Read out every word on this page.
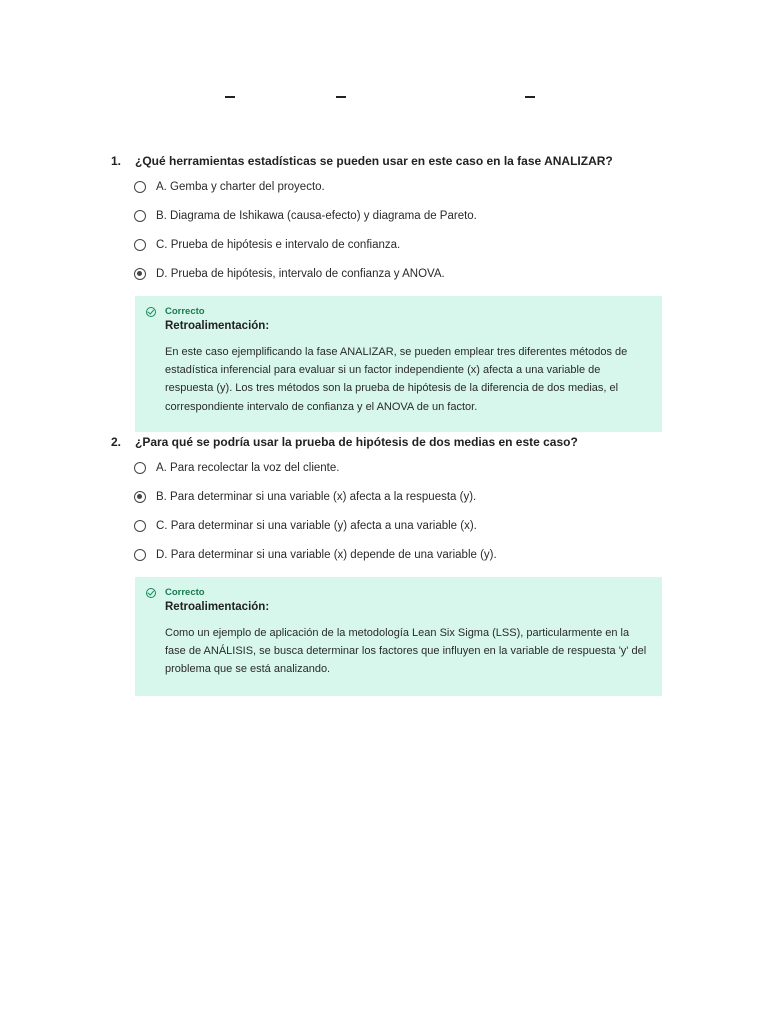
1. ¿Qué herramientas estadísticas se pueden usar en este caso en la fase ANALIZAR?
A. Gemba y charter del proyecto.
B. Diagrama de Ishikawa (causa-efecto) y diagrama de Pareto.
C. Prueba de hipótesis e intervalo de confianza.
D. Prueba de hipótesis, intervalo de confianza y ANOVA.
Correcto
Retroalimentación:
En este caso ejemplificando la fase ANALIZAR, se pueden emplear tres diferentes métodos de estadística inferencial para evaluar si un factor independiente (x) afecta a una variable de respuesta (y). Los tres métodos son la prueba de hipótesis de la diferencia de dos medias, el correspondiente intervalo de confianza y el ANOVA de un factor.
2. ¿Para qué se podría usar la prueba de hipótesis de dos medias en este caso?
A. Para recolectar la voz del cliente.
B. Para determinar si una variable (x) afecta a la respuesta (y).
C. Para determinar si una variable (y) afecta a una variable (x).
D. Para determinar si una variable (x) depende de una variable (y).
Correcto
Retroalimentación:
Como un ejemplo de aplicación de la metodología Lean Six Sigma (LSS), particularmente en la fase de ANÁLISIS, se busca determinar los factores que influyen en la variable de respuesta 'y' del problema que se está analizando.
